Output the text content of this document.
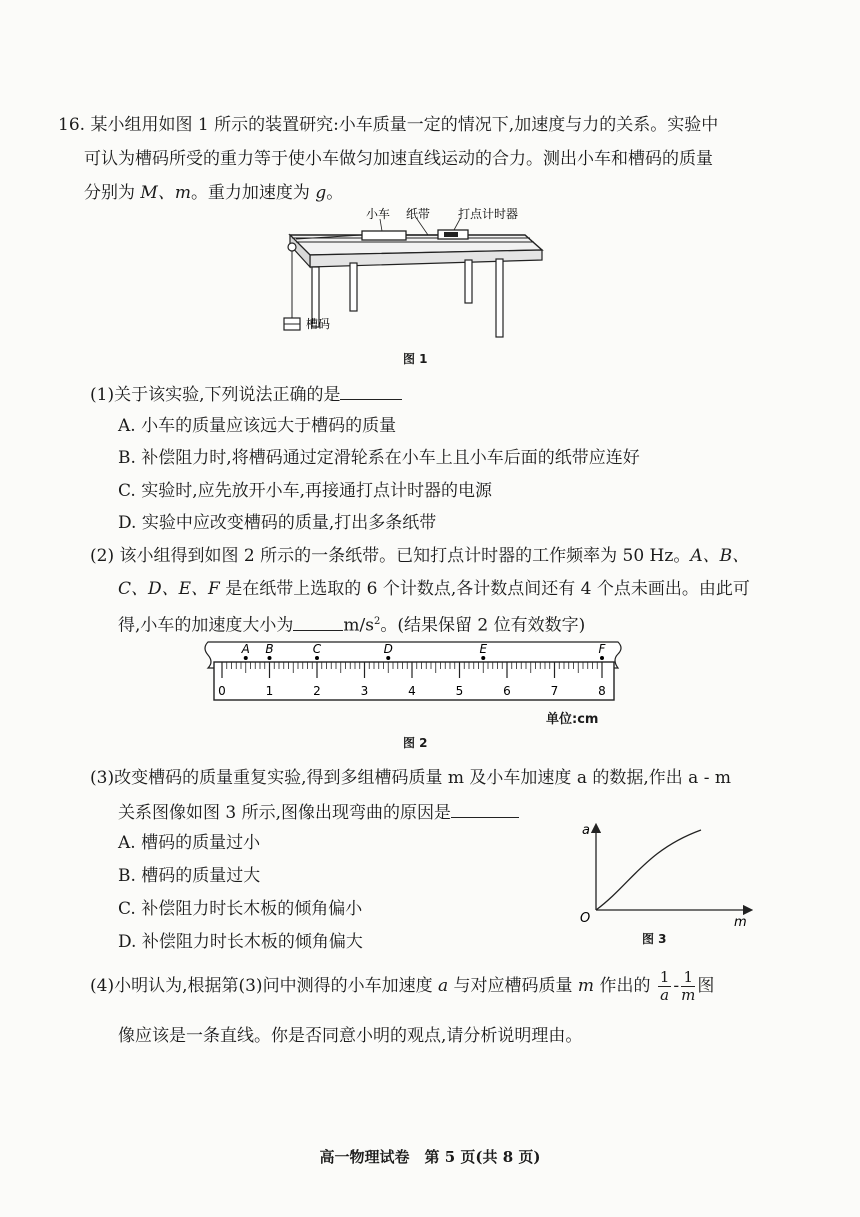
16. 某小组用如图 1 所示的装置研究:小车质量一定的情况下,加速度与力的关系。实验中
可认为槽码所受的重力等于使小车做匀加速直线运动的合力。测出小车和槽码的质量
分别为 M、m。重力加速度为 g。
小车 纸带 打点计时器
槽码
图 1
(1)关于该实验,下列说法正确的是
A. 小车的质量应该远大于槽码的质量
B. 补偿阻力时,将槽码通过定滑轮系在小车上且小车后面的纸带应连好
C. 实验时,应先放开小车,再接通打点计时器的电源
D. 实验中应改变槽码的质量,打出多条纸带
(2) 该小组得到如图 2 所示的一条纸带。已知打点计时器的工作频率为 50 Hz。A、B、
C、D、E、F 是在纸带上选取的 6 个计数点,各计数点间还有 4 个点未画出。由此可
得,小车的加速度大小为	$m/s^2$。(结果保留 2 位有效数字)
0	1	2	3	4	5	6	7	8
A B	C	D	E	F
单位:cm
图 2
(3)改变槽码的质量重复实验,得到多组槽码质量 m 及小车加速度 a 的数据,作出 a - m
关系图像如图 3 所示,图像出现弯曲的原因是
A. 槽码的质量过小
B. 槽码的质量过大
C. 补偿阻力时长木板的倾角偏小
D. 补偿阻力时长木板的倾角偏大
O
a
m
图 3
(4)小明认为,根据第(3)问中测得的小车加速度 a 与对应槽码质量 m 作出的 $\frac{1}{a} - \frac{1}{m}$ 图
像应该是一条直线。你是否同意小明的观点,请分析说明理由。
高一物理试卷　第 5 页(共 8 页)
